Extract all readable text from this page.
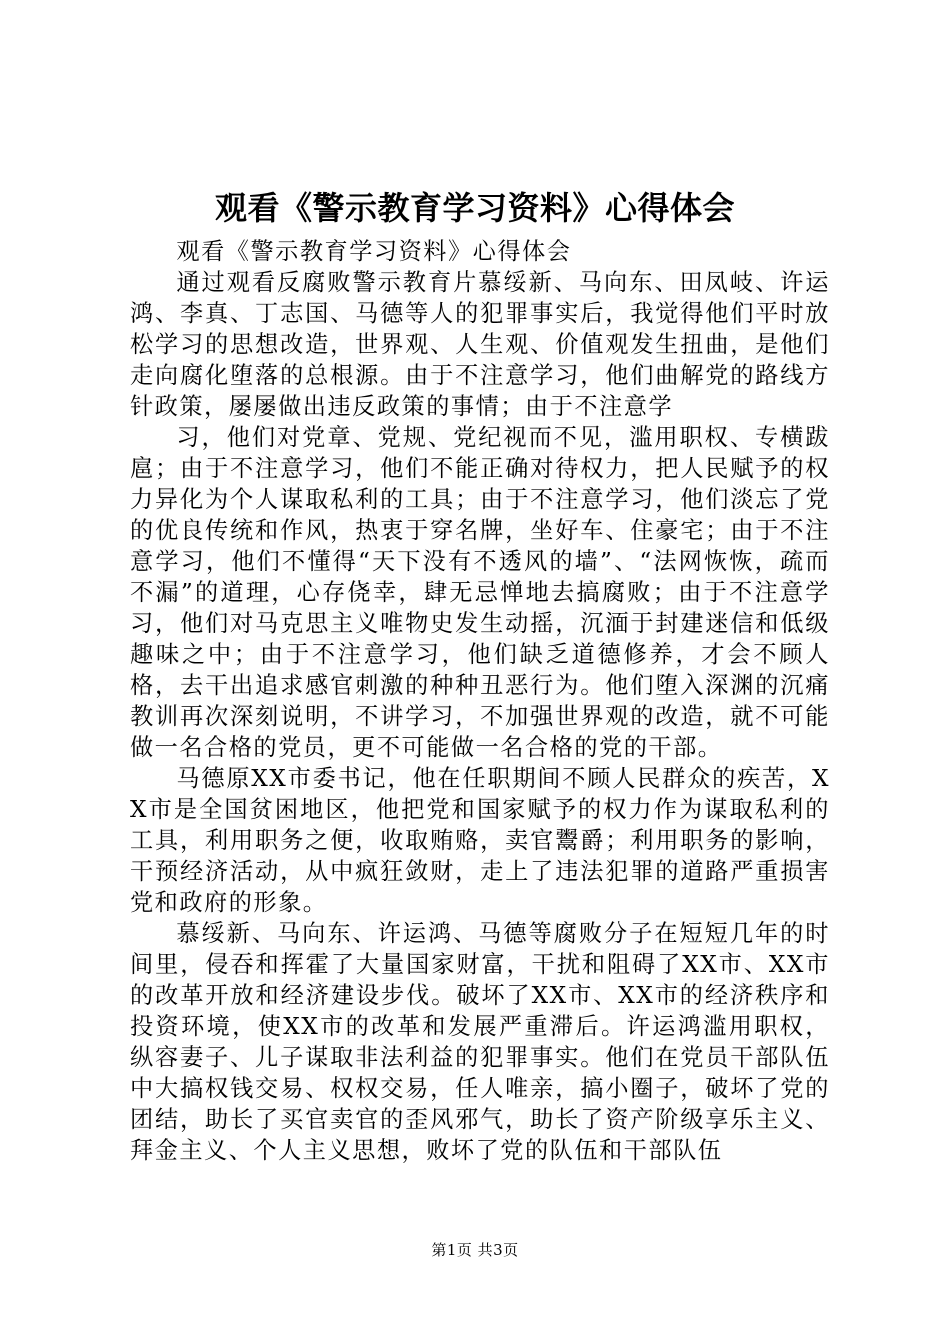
观看《警示教育学习资料》心得体会

观看《警示教育学习资料》心得体会

通过观看反腐败警示教育片慕绥新、马向东、田凤岐、许运鸿、李真、丁志国、马德等人的犯罪事实后，我觉得他们平时放松学习的思想改造，世界观、人生观、价值观发生扭曲，是他们走向腐化堕落的总根源。由于不注意学习，他们曲解党的路线方针政策，屡屡做出违反政策的事情；由于不注意学

习，他们对党章、党规、党纪视而不见，滥用职权、专横跋扈；由于不注意学习，他们不能正确对待权力，把人民赋予的权力异化为个人谋取私利的工具；由于不注意学习，他们淡忘了党的优良传统和作风，热衷于穿名牌，坐好车、住豪宅；由于不注意学习，他们不懂得“天下没有不透风的墙”、“法网恢恢，疏而不漏”的道理，心存侥幸，肆无忌惮地去搞腐败；由于不注意学习，他们对马克思主义唯物史发生动摇，沉湎于封建迷信和低级趣味之中；由于不注意学习，他们缺乏道德修养，才会不顾人格，去干出追求感官刺激的种种丑恶行为。他们堕入深渊的沉痛教训再次深刻说明，不讲学习，不加强世界观的改造，就不可能做一名合格的党员，更不可能做一名合格的党的干部。

马德原XX市委书记，他在任职期间不顾人民群众的疾苦，XX市是全国贫困地区，他把党和国家赋予的权力作为谋取私利的工具，利用职务之便，收取贿赂，卖官鬻爵；利用职务的影响，干预经济活动，从中疯狂敛财，走上了违法犯罪的道路严重损害党和政府的形象。

慕绥新、马向东、许运鸿、马德等腐败分子在短短几年的时间里，侵吞和挥霍了大量国家财富，干扰和阻碍了XX市、XX市的改革开放和经济建设步伐。破坏了XX市、XX市的经济秩序和投资环境，使XX市的改革和发展严重滞后。许运鸿滥用职权，纵容妻子、儿子谋取非法利益的犯罪事实。他们在党员干部队伍中大搞权钱交易、权权交易，任人唯亲，搞小圈子，破坏了党的团结，助长了买官卖官的歪风邪气，助长了资产阶级享乐主义、拜金主义、个人主义思想，败坏了党的队伍和干部队伍

第1页 共3页
